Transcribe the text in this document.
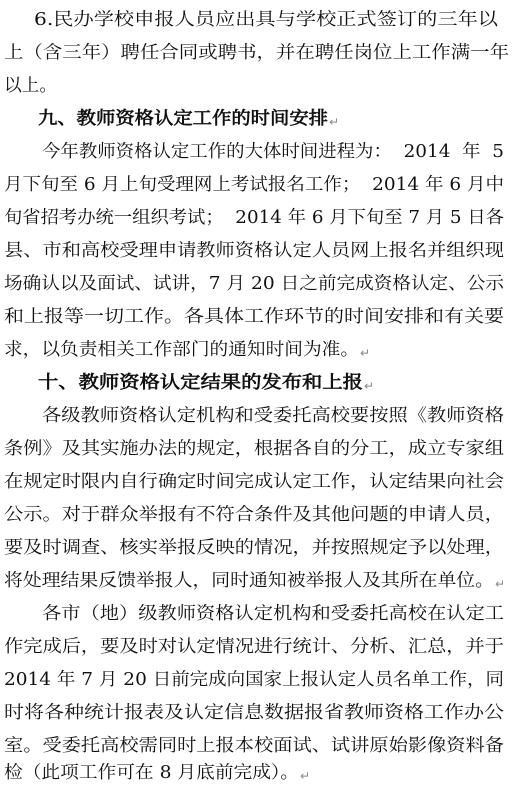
6.民办学校申报人员应出具与学校正式签订的三年以
上（含三年）聘任合同或聘书，并在聘任岗位上工作满一年
以上。
九、教师资格认定工作的时间安排↵
今年教师资格认定工作的大体时间进程为：  2014  年  5
月下旬至 6 月上旬受理网上考试报名工作；  2014 年 6 月中
旬省招考办统一组织考试；  2014 年 6 月下旬至 7 月 5 日各
县、市和高校受理申请教师资格认定人员网上报名并组织现
场确认以及面试、试讲，7 月 20 日之前完成资格认定、公示
和上报等一切工作。各具体工作环节的时间安排和有关要
求，以负责相关工作部门的通知时间为准。↵
十、教师资格认定结果的发布和上报↵
各级教师资格认定机构和受委托高校要按照《教师资格
条例》及其实施办法的规定，根据各自的分工，成立专家组
在规定时限内自行确定时间完成认定工作，认定结果向社会
公示。对于群众举报有不符合条件及其他问题的申请人员，
要及时调查、核实举报反映的情况，并按照规定予以处理，
将处理结果反馈举报人，同时通知被举报人及其所在单位。↵
各市（地）级教师资格认定机构和受委托高校在认定工
作完成后，要及时对认定情况进行统计、分析、汇总，并于
2014 年 7 月 20 日前完成向国家上报认定人员名单工作，同
时将各种统计报表及认定信息数据报省教师资格工作办公
室。受委托高校需同时上报本校面试、试讲原始影像资料备
检（此项工作可在 8 月底前完成）。↵
